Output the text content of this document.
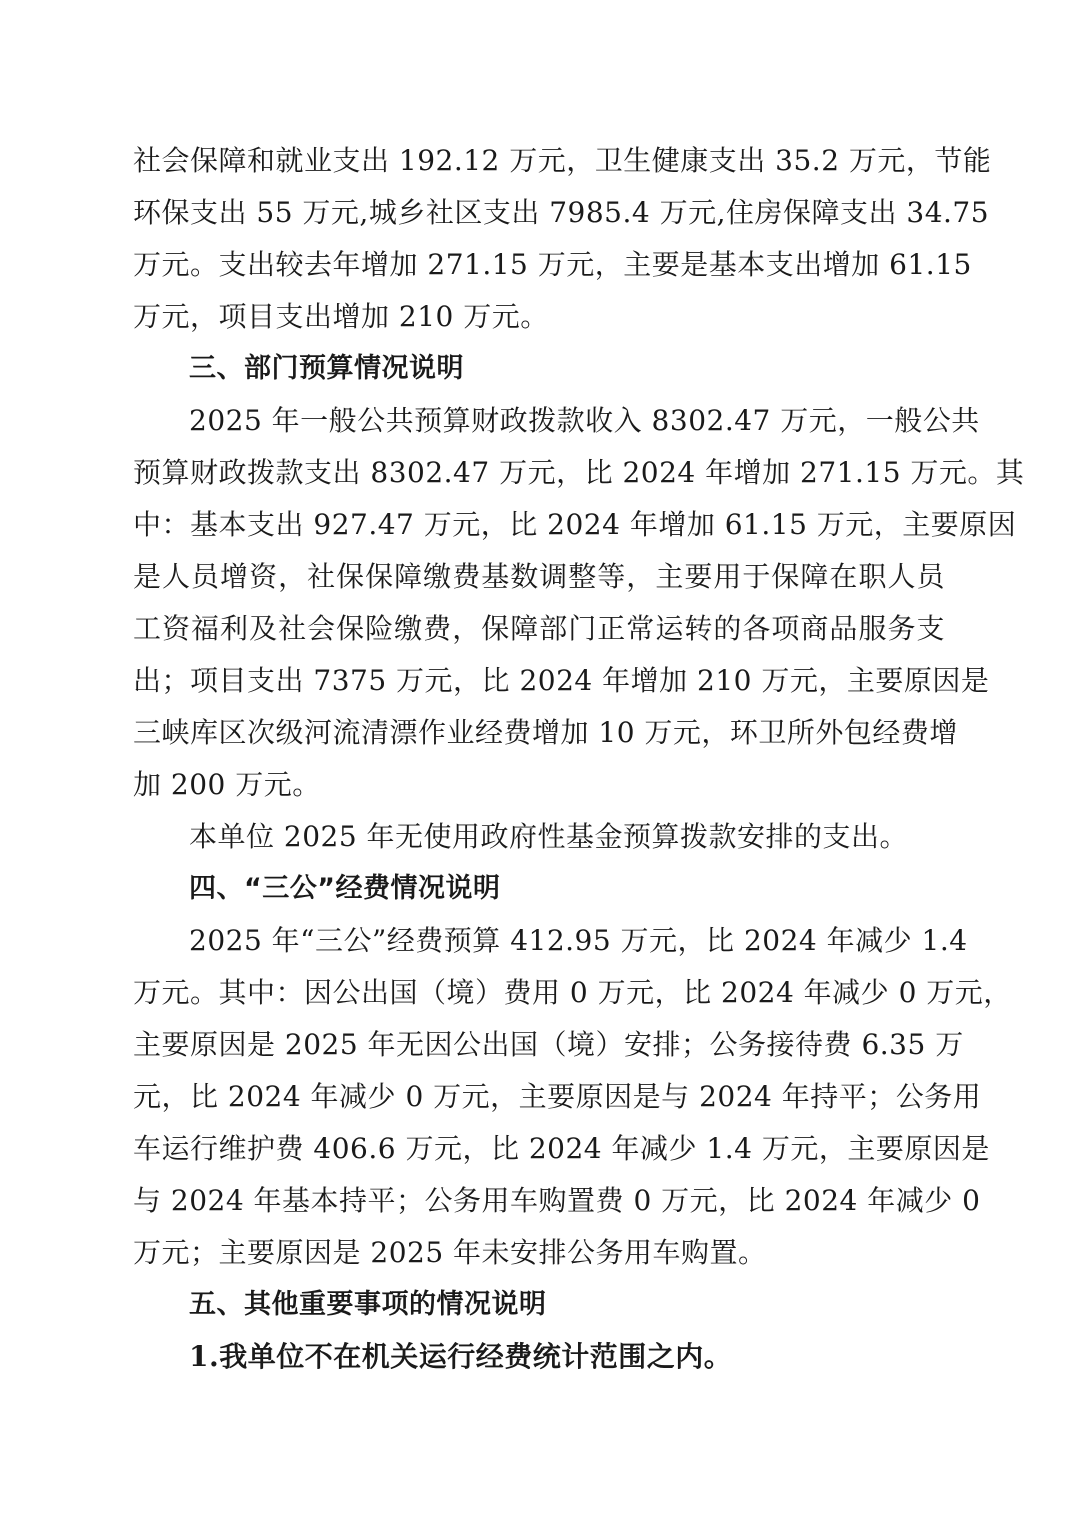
社会保障和就业支出 192.12 万元，卫生健康支出 35.2 万元，节能
环保支出 55 万元,城乡社区支出 7985.4 万元,住房保障支出 34.75
万元。支出较去年增加 271.15 万元，主要是基本支出增加 61.15
万元，项目支出增加 210 万元。
三、部门预算情况说明
2025 年一般公共预算财政拨款收入 8302.47 万元，一般公共
预算财政拨款支出 8302.47 万元，比 2024 年增加 271.15 万元。其
中：基本支出 927.47 万元，比 2024 年增加 61.15 万元，主要原因
是人员增资，社保保障缴费基数调整等，主要用于保障在职人员
工资福利及社会保险缴费，保障部门正常运转的各项商品服务支
出；项目支出 7375 万元，比 2024 年增加 210 万元，主要原因是
三峡库区次级河流清漂作业经费增加 10 万元，环卫所外包经费增
加 200 万元。
本单位 2025 年无使用政府性基金预算拨款安排的支出。
四、“三公”经费情况说明
2025 年“三公”经费预算 412.95 万元，比 2024 年减少 1.4
万元。其中：因公出国（境）费用 0 万元，比 2024 年减少 0 万元，
主要原因是 2025 年无因公出国（境）安排；公务接待费 6.35 万
元，比 2024 年减少 0 万元，主要原因是与 2024 年持平；公务用
车运行维护费 406.6 万元，比 2024 年减少 1.4 万元，主要原因是
与 2024 年基本持平；公务用车购置费 0 万元，比 2024 年减少 0
万元；主要原因是 2025 年未安排公务用车购置。
五、其他重要事项的情况说明
1.我单位不在机关运行经费统计范围之内。
